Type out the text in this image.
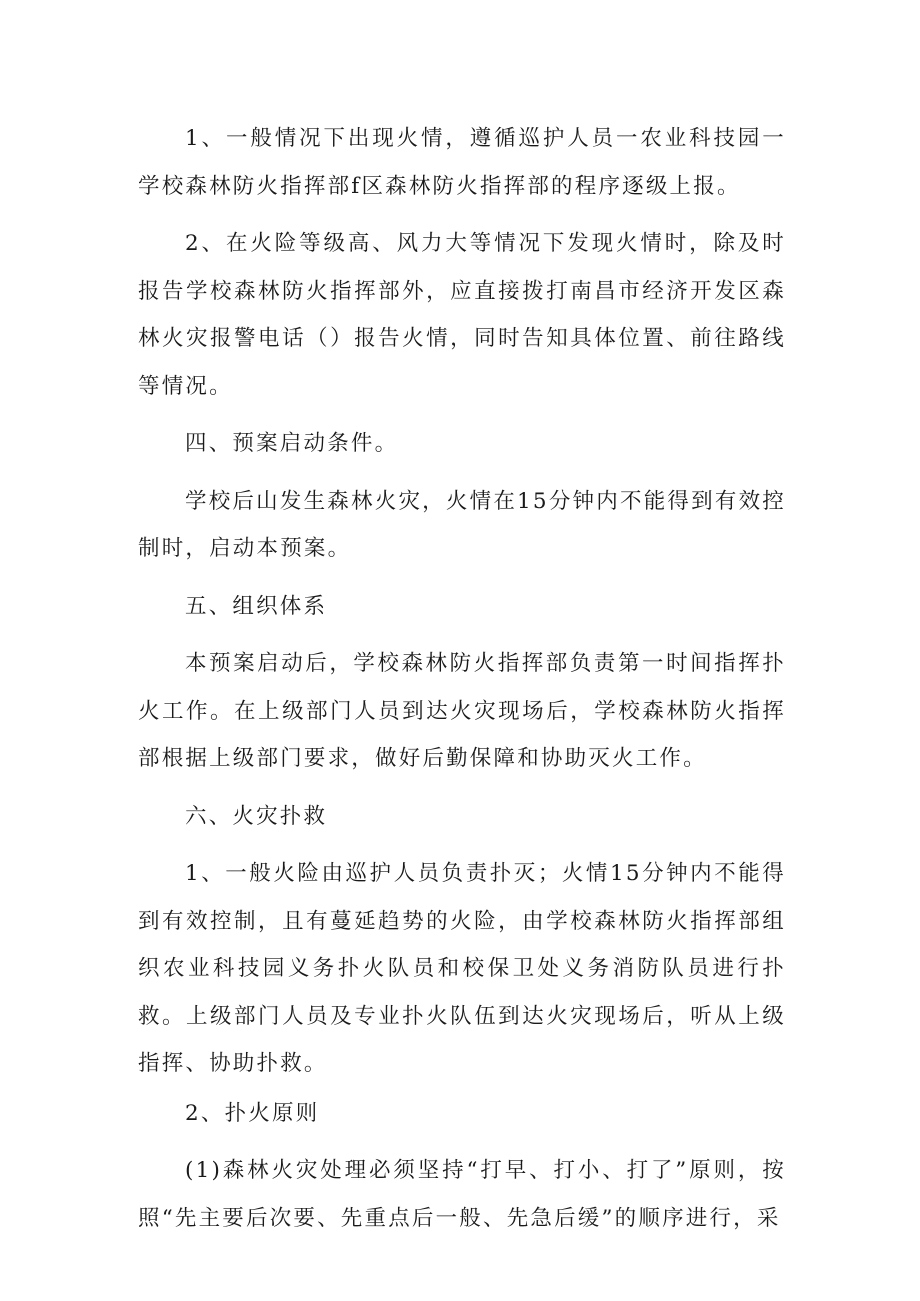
1、一般情况下出现火情，遵循巡护人员一农业科技园一学校森林防火指挥部f区森林防火指挥部的程序逐级上报。

2、在火险等级高、风力大等情况下发现火情时，除及时报告学校森林防火指挥部外，应直接拨打南昌市经济开发区森林火灾报警电话（）报告火情，同时告知具体位置、前往路线等情况。

四、预案启动条件。

学校后山发生森林火灾，火情在15分钟内不能得到有效控制时，启动本预案。

五、组织体系

本预案启动后，学校森林防火指挥部负责第一时间指挥扑火工作。在上级部门人员到达火灾现场后，学校森林防火指挥部根据上级部门要求，做好后勤保障和协助灭火工作。

六、火灾扑救

1、一般火险由巡护人员负责扑灭；火情15分钟内不能得到有效控制，且有蔓延趋势的火险，由学校森林防火指挥部组织农业科技园义务扑火队员和校保卫处义务消防队员进行扑救。上级部门人员及专业扑火队伍到达火灾现场后，听从上级指挥、协助扑救。

2、扑火原则

(1)森林火灾处理必须坚持“打早、打小、打了”原则，按照“先主要后次要、先重点后一般、先急后缓”的顺序进行，采
